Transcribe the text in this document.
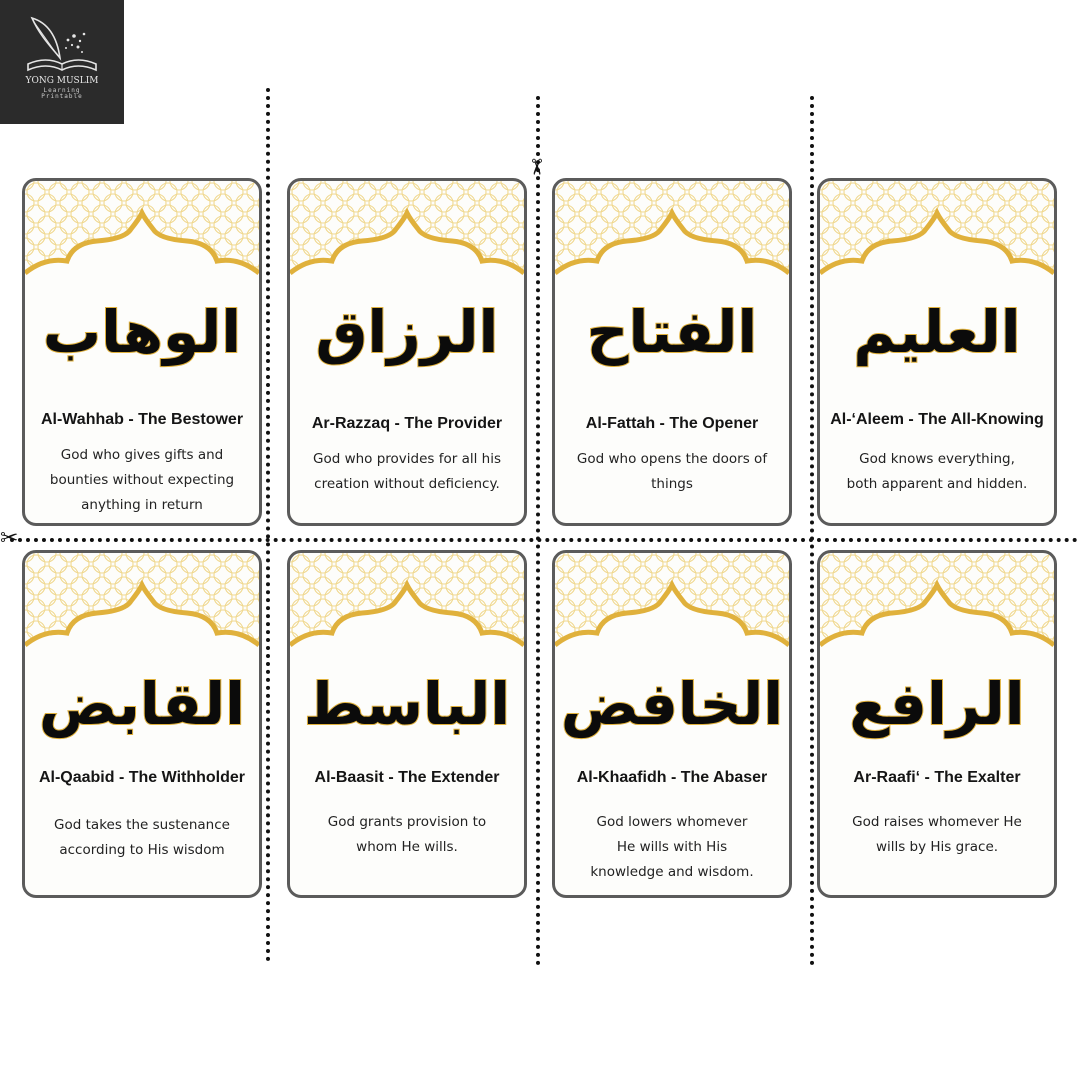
YONG MUSLIM
Learning
Printable
✂
✂
الوهاب
Al-Wahhab - The Bestower
God who gives gifts and
bounties without expecting
anything in return
الرزاق
Ar-Razzaq - The Provider
God who provides for all his
creation without deficiency.
الفتاح
Al-Fattah - The Opener
God who opens the doors of
things
العليم
Al-‘Aleem - The All-Knowing
God knows everything,
both apparent and hidden.
القابض
Al-Qaabid - The Withholder
God takes the sustenance
according to His wisdom
الباسط
Al-Baasit - The Extender
God grants provision to
whom He wills.
الخافض
Al-Khaafidh - The Abaser
God lowers whomever
He wills with His
knowledge and wisdom.
الرافع
Ar-Raafi‘ - The Exalter
God raises whomever He
wills by His grace.
